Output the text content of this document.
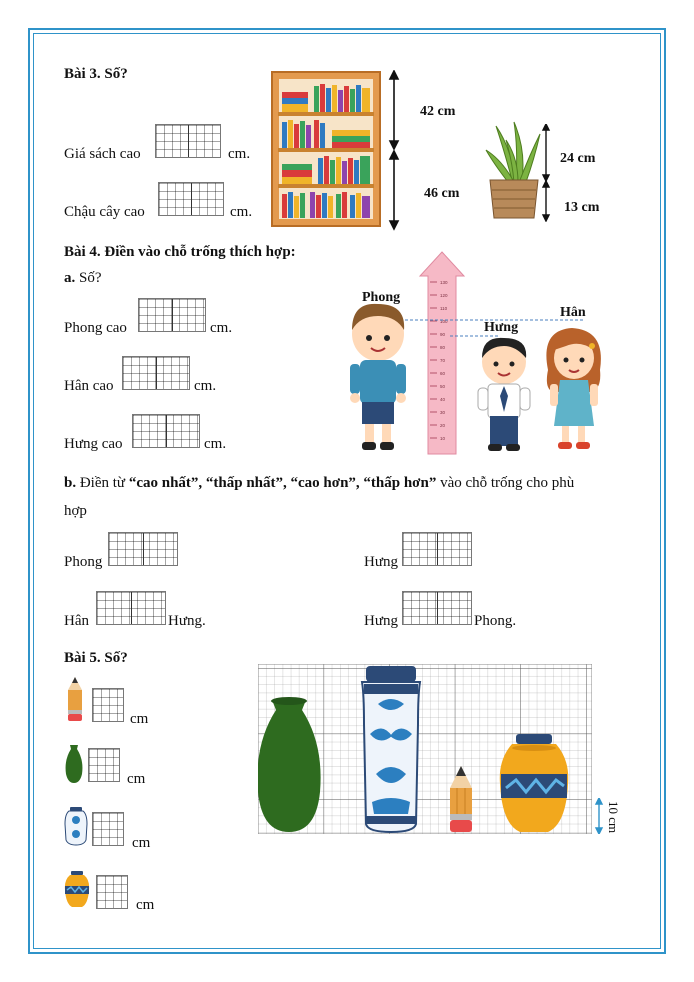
Bài 3. Số?
Giá sách cao	cm.
Chậu cây cao	cm.
42 cm
46 cm
24 cm
13 cm
Bài 4. Điền vào chỗ trống thích hợp:
a. Số?
Phong cao	cm.
Hân cao	cm.
Hưng cao	cm.
130
120
110
100
90
80
70
60
50
40
30
20
10
Phong
Hưng
Hân
b. Điền từ “cao nhất”, “thấp nhất”, “cao hơn”, “thấp hơn” vào chỗ trống cho phù
hợp
Phong	Hưng
Hân	Hưng.	Hưng	Phong.
Bài 5. Số?
cm
cm
cm
cm
10 cm
